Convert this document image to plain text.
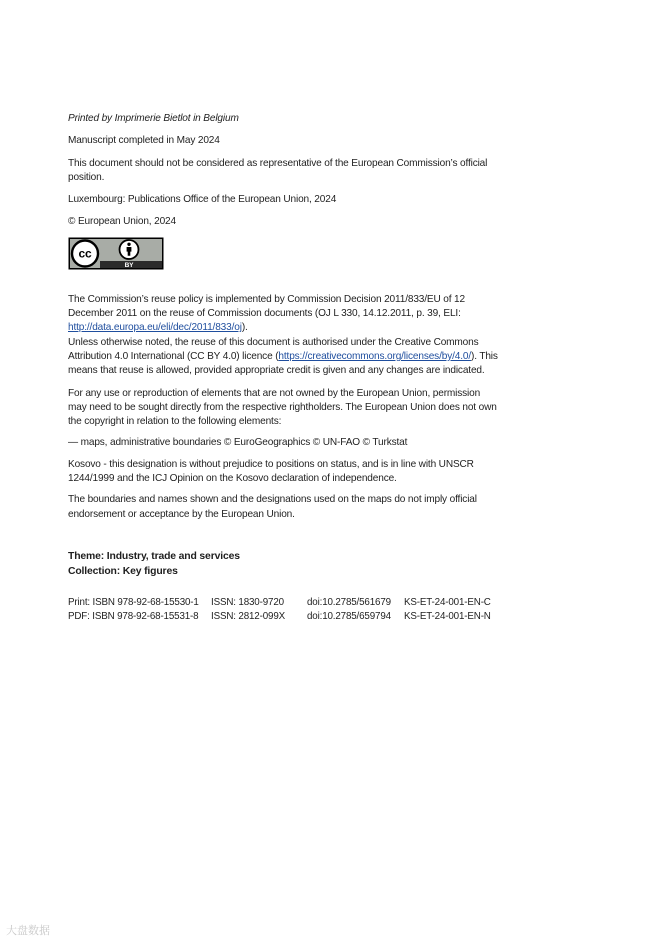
Printed by Imprimerie Bietlot in Belgium

Manuscript completed in May 2024

This document should not be considered as representative of the European Commission’s official position.

Luxembourg: Publications Office of the European Union, 2024

© European Union, 2024

cc
BY

The Commission’s reuse policy is implemented by Commission Decision 2011/833/EU of 12 December 2011 on the reuse of Commission documents (OJ L 330, 14.12.2011, p. 39, ELI: http://data.europa.eu/eli/dec/2011/833/oj).
Unless otherwise noted, the reuse of this document is authorised under the Creative Commons Attribution 4.0 International (CC BY 4.0) licence (https://creativecommons.org/licenses/by/4.0/). This means that reuse is allowed, provided appropriate credit is given and any changes are indicated.

For any use or reproduction of elements that are not owned by the European Union, permission may need to be sought directly from the respective rightholders. The European Union does not own the copyright in relation to the following elements:

— maps, administrative boundaries © EuroGeographics © UN-FAO © Turkstat

Kosovo - this designation is without prejudice to positions on status, and is in line with UNSCR 1244/1999 and the ICJ Opinion on the Kosovo declaration of independence.

The boundaries and names shown and the designations used on the maps do not imply official endorsement or acceptance by the European Union.

Theme: Industry, trade and services
Collection: Key figures

Print: ISBN 978-92-68-15530-1	ISSN: 1830-9720	doi:10.2785/561679	KS-ET-24-001-EN-C
PDF: ISBN 978-92-68-15531-8	ISSN: 2812-099X	doi:10.2785/659794	KS-ET-24-001-EN-N
大盘数据
